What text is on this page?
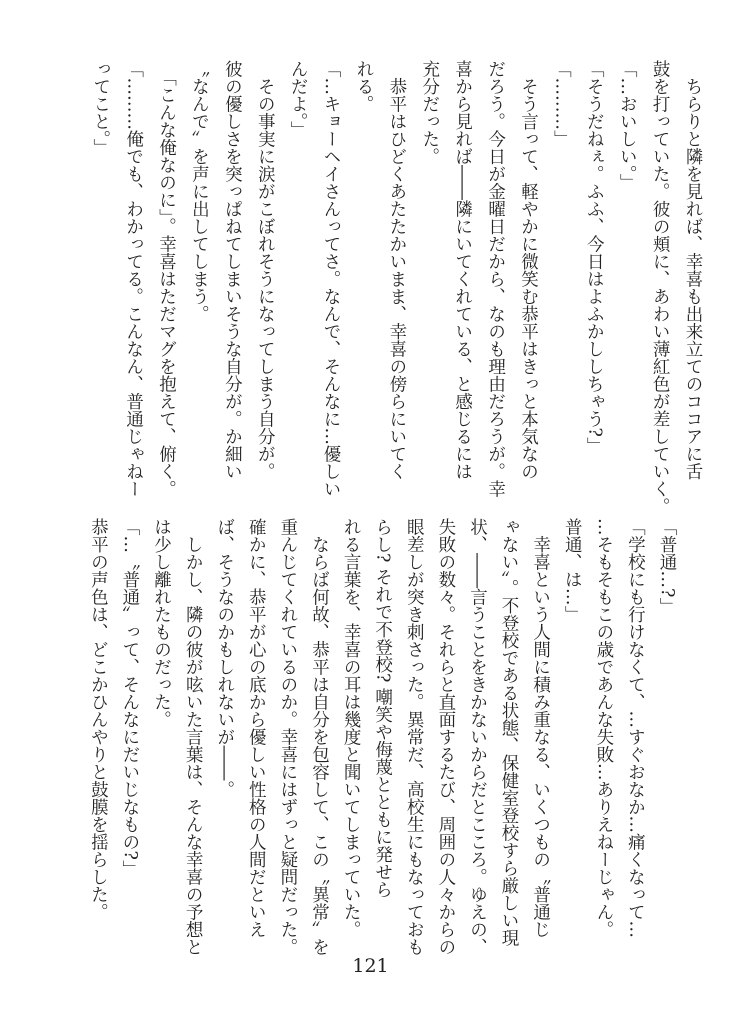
　ちらりと隣を見れば、幸喜も出来立てのココアに舌
鼓を打っていた。彼の頬に、あわい薄紅色が差していく。
「…おいしい。」
「そうだねぇ。ふふ、今日はよふかししちゃう?」
「………」
　そう言って、軽やかに微笑む恭平はきっと本気なの
だろう。今日が金曜日だから、なのも理由だろうが。幸
喜から見れば――隣にいてくれている、と感じるには
充分だった。
　恭平はひどくあたたかいまま、幸喜の傍らにいてく
れる。
「…キョーヘイさんってさ。なんで、そんなに…優しい
んだよ。」
　その事実に涙がこぼれそうになってしまう自分が。
彼の優しさを突っぱねてしまいそうな自分が。か細い
〝なんで〟を声に出してしまう。
　「こんな俺なのに」。幸喜はただマグを抱えて、俯く。
「………俺でも、わかってる。こんなん、普通じゃねー
ってこと。」
「普通…?」
「学校にも行けなくて、…すぐおなか…痛くなって…
…そもそもこの歳であんな失敗…ありえねーじゃん。
普通、は…」
　幸喜という人間に積み重なる、いくつもの〝普通じ
ゃない〟。不登校である状態、保健室登校すら厳しい現
状、――言うことをきかないからだとこころ。ゆえの、
失敗の数々。それらと直面するたび、周囲の人々からの
眼差しが突き刺さった。異常だ、高校生にもなっておも
らし? それで不登校? 嘲笑や侮蔑とともに発せら
れる言葉を、幸喜の耳は幾度と聞いてしまっていた。
　ならば何故、恭平は自分を包容して、この〝異常〟を
重んじてくれているのか。幸喜にはずっと疑問だった。
確かに、恭平が心の底から優しい性格の人間だといえ
ば、そうなのかもしれないが――。
　しかし、隣の彼が呟いた言葉は、そんな幸喜の予想と
は少し離れたものだった。
「…〝普通〟って、そんなにだいじなもの?」
恭平の声色は、どこかひんやりと鼓膜を揺らした。
121
